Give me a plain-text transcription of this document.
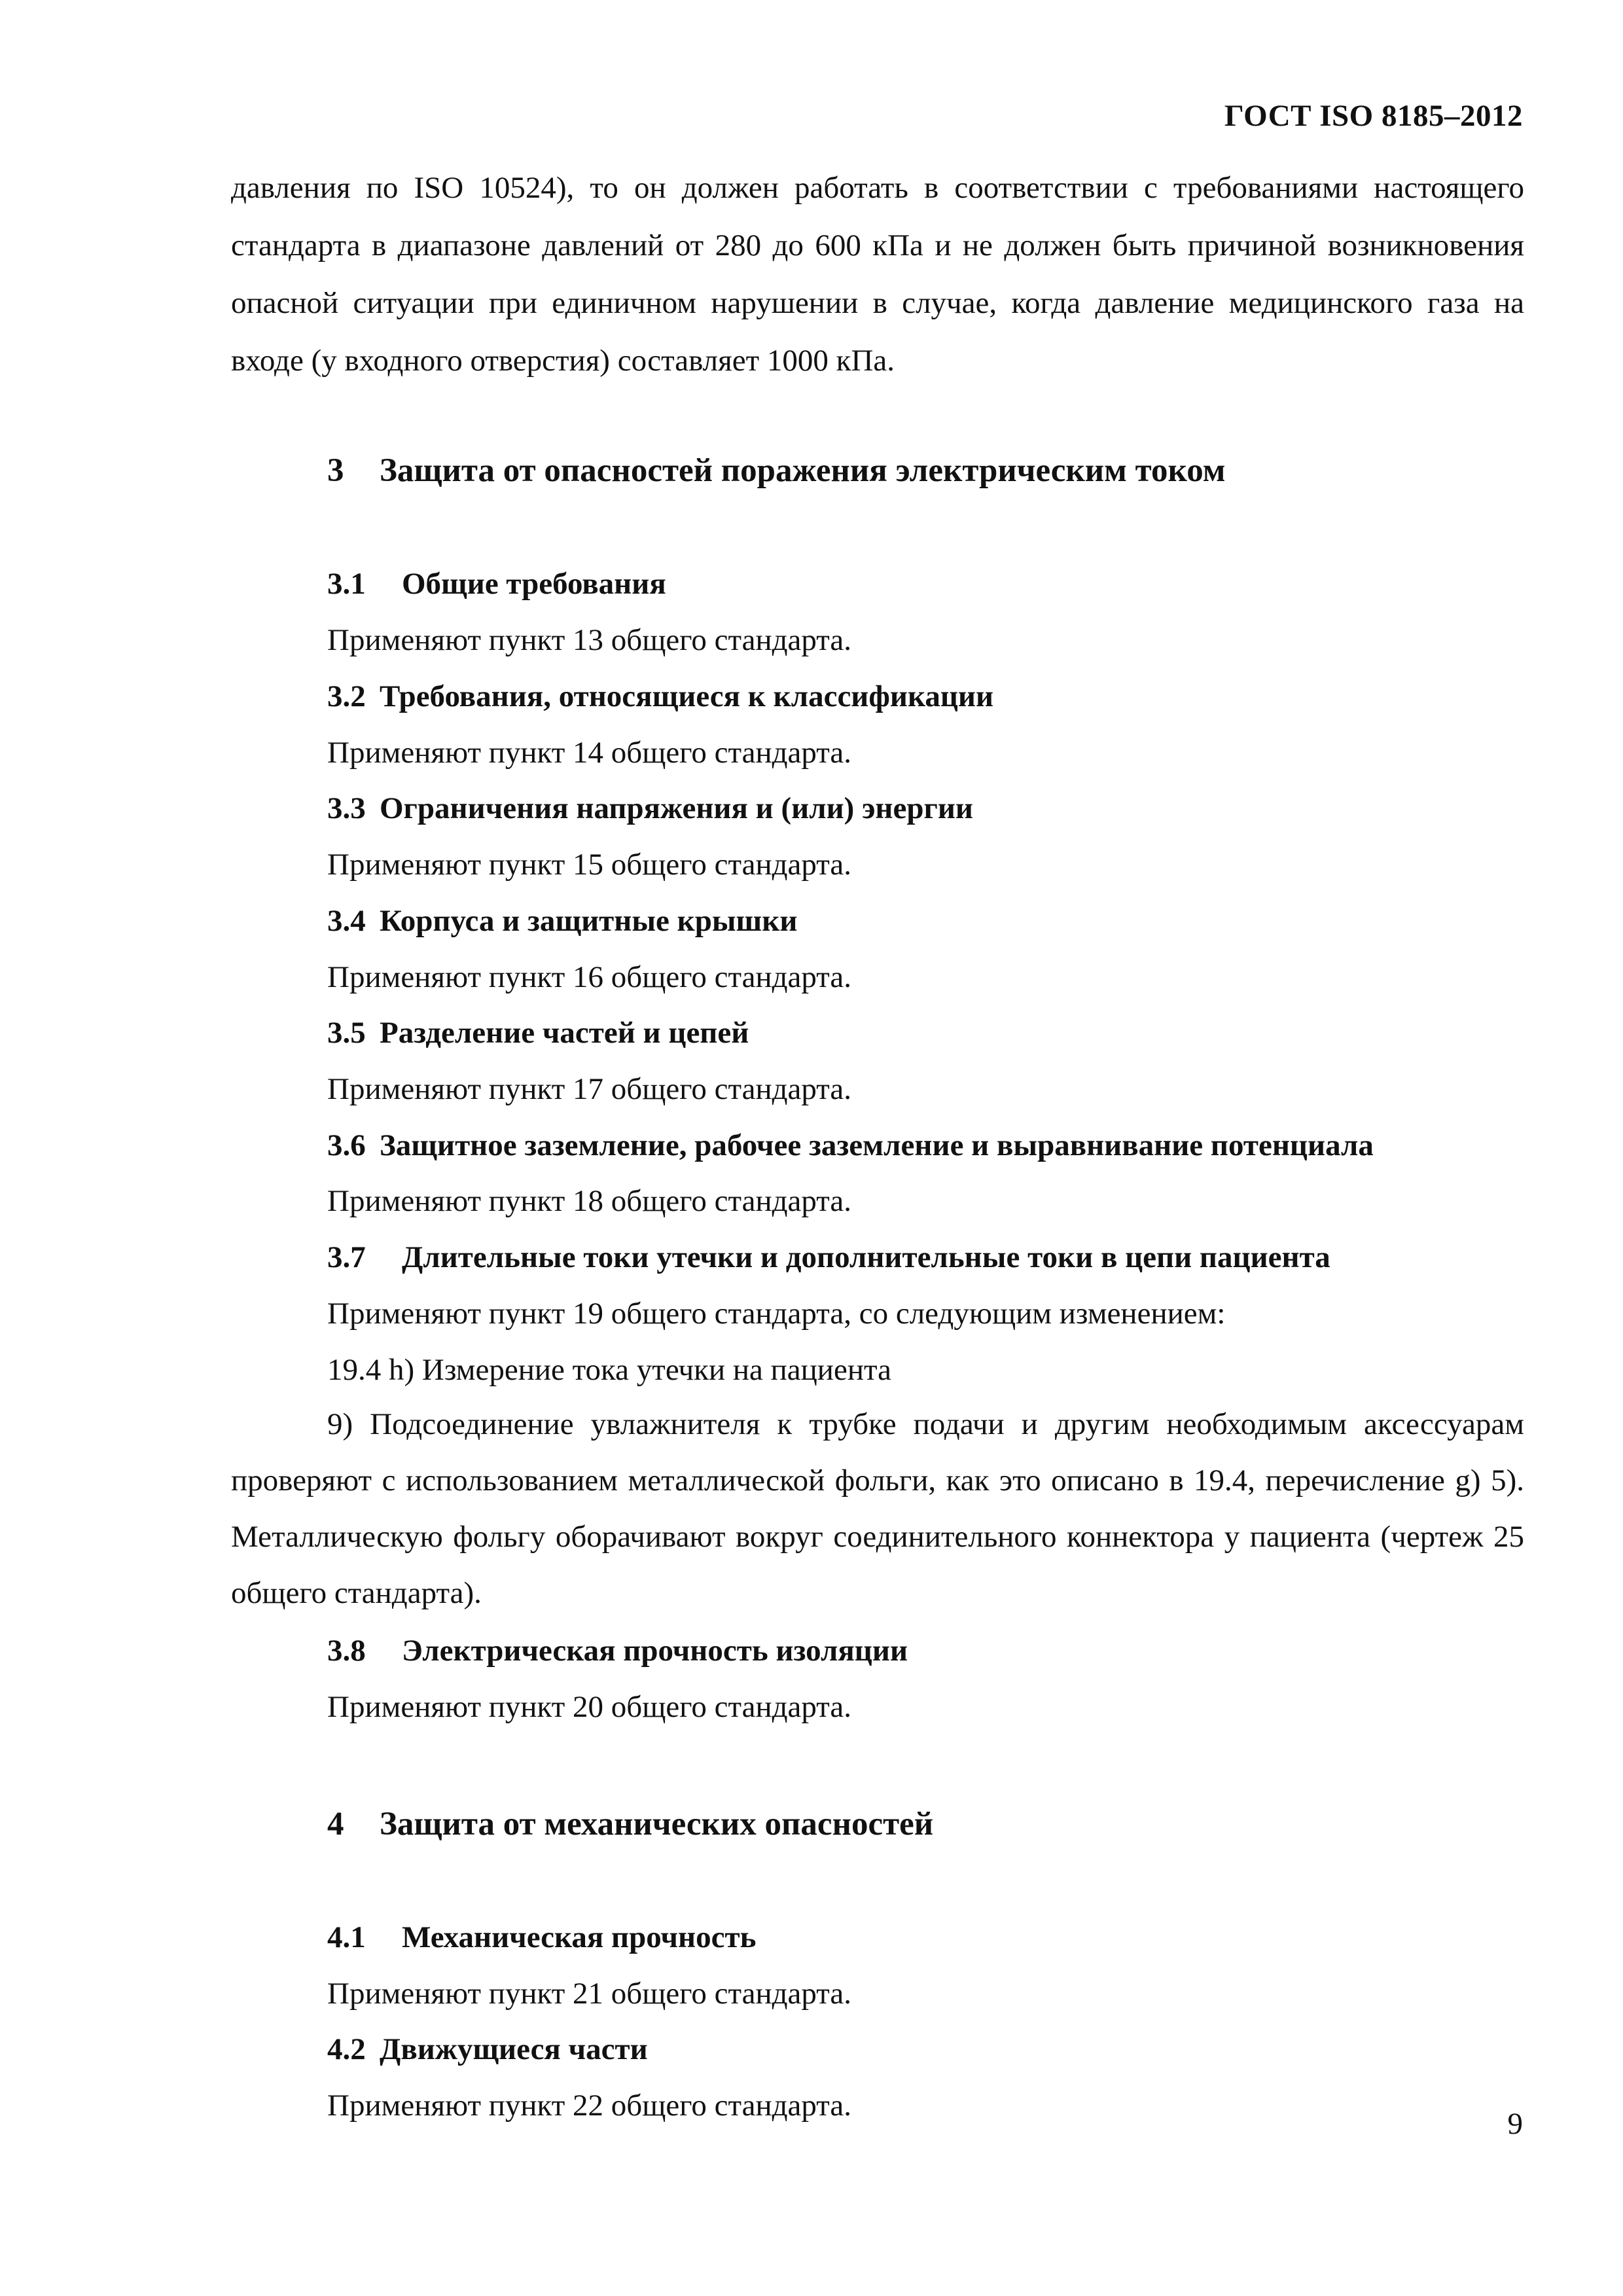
ГОСТ ISO 8185–2012
давления по ISO 10524), то он должен работать в соответствии с требованиями настоящего стандарта в диапазоне давлений от 280 до 600 кПа и не должен быть причиной возникновения опасной ситуации при единичном нарушении в случае, когда давление медицинского газа на входе (у входного отверстия) составляет 1000 кПа.
3 Защита от опасностей поражения электрическим током
3.1 Общие требования
Применяют пункт 13 общего стандарта.
3.2 Требования, относящиеся к классификации
Применяют пункт 14 общего стандарта.
3.3 Ограничения напряжения и (или) энергии
Применяют пункт 15 общего стандарта.
3.4 Корпуса и защитные крышки
Применяют пункт 16 общего стандарта.
3.5 Разделение частей и цепей
Применяют пункт 17 общего стандарта.
3.6 Защитное заземление, рабочее заземление и выравнивание потенциала
Применяют пункт 18 общего стандарта.
3.7 Длительные токи утечки и дополнительные токи в цепи пациента
Применяют пункт 19 общего стандарта, со следующим изменением:
19.4 h) Измерение тока утечки на пациента
9) Подсоединение увлажнителя к трубке подачи и другим необходимым аксессуарам проверяют с использованием металлической фольги, как это описано в 19.4, перечисление g) 5). Металлическую фольгу оборачивают вокруг соединительного коннектора у пациента (чертеж 25 общего стандарта).
3.8 Электрическая прочность изоляции
Применяют пункт 20 общего стандарта.
4 Защита от механических опасностей
4.1 Механическая прочность
Применяют пункт 21 общего стандарта.
4.2 Движущиеся части
Применяют пункт 22 общего стандарта.
9
